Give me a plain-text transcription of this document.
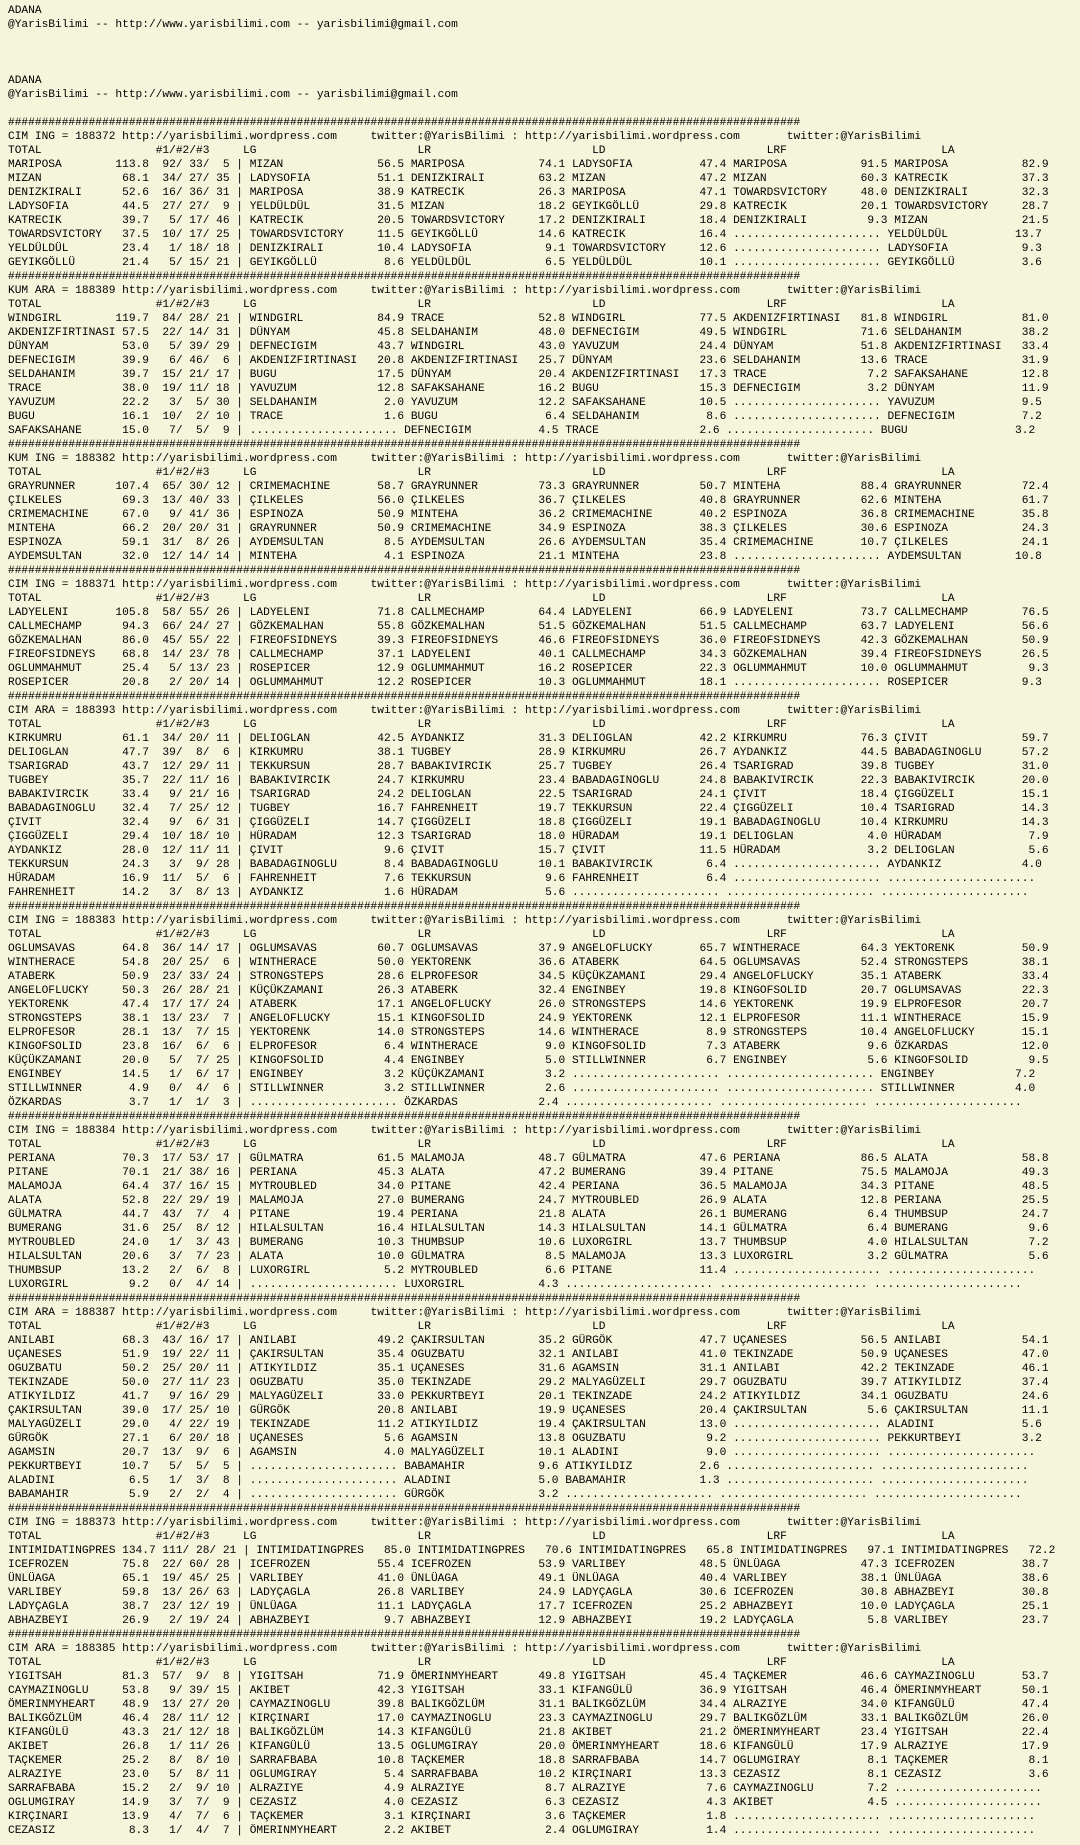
ADANA
@YarisBilimi -- http://www.yarisbilimi.com -- yarisbilimi@gmail.com
ADANA
@YarisBilimi -- http://www.yarisbilimi.com -- yarisbilimi@gmail.com
######################################################################################################################
CIM ING = 188372 http://yarisbilimi.wordpress.com     twitter:@YarisBilimi : http://yarisbilimi.wordpress.com       twitter:@YarisBilimi
TOTAL                 #1/#2/#3     LG                        LR                        LD                        LRF                       LA
MARIPOSA        113.8  92/ 33/  5 | MIZAN              56.5 MARIPOSA           74.1 LADYSOFIA          47.4 MARIPOSA           91.5 MARIPOSA           82.9
MIZAN            68.1  34/ 27/ 35 | LADYSOFIA          51.1 DENIZKIRALI        63.2 MIZAN              47.2 MIZAN              60.3 KATRECIK           37.3
DENIZKIRALI      52.6  16/ 36/ 31 | MARIPOSA           38.9 KATRECIK           26.3 MARIPOSA           47.1 TOWARDSVICTORY     48.0 DENIZKIRALI        32.3
LADYSOFIA        44.5  27/ 27/  9 | YELDÜLDÜL          31.5 MIZAN              18.2 GEYIKGÖLLÜ         29.8 KATRECIK           20.1 TOWARDSVICTORY     28.7
KATRECIK         39.7   5/ 17/ 46 | KATRECIK           20.5 TOWARDSVICTORY     17.2 DENIZKIRALI        18.4 DENIZKIRALI         9.3 MIZAN              21.5
TOWARDSVICTORY   37.5  10/ 17/ 25 | TOWARDSVICTORY     11.5 GEYIKGÖLLÜ         14.6 KATRECIK           16.4 ...................... YELDÜLDÜL          13.7
YELDÜLDÜL        23.4   1/ 18/ 18 | DENIZKIRALI        10.4 LADYSOFIA           9.1 TOWARDSVICTORY     12.6 ...................... LADYSOFIA           9.3
GEYIKGÖLLÜ       21.4   5/ 15/ 21 | GEYIKGÖLLÜ          8.6 YELDÜLDÜL           6.5 YELDÜLDÜL          10.1 ...................... GEYIKGÖLLÜ          3.6
######################################################################################################################
KUM ARA = 188389 http://yarisbilimi.wordpress.com     twitter:@YarisBilimi : http://yarisbilimi.wordpress.com       twitter:@YarisBilimi
TOTAL                 #1/#2/#3     LG                        LR                        LD                        LRF                       LA
WINDGIRL        119.7  84/ 28/ 21 | WINDGIRL           84.9 TRACE              52.8 WINDGIRL           77.5 AKDENIZFIRTINASI   81.8 WINDGIRL           81.0
AKDENIZFIRTINASI 57.5  22/ 14/ 31 | DÜNYAM             45.8 SELDAHANIM         48.0 DEFNECIGIM         49.5 WINDGIRL           71.6 SELDAHANIM         38.2
DÜNYAM           53.0   5/ 39/ 29 | DEFNECIGIM         43.7 WINDGIRL           43.0 YAVUZUM            24.4 DÜNYAM             51.8 AKDENIZFIRTINASI   33.4
DEFNECIGIM       39.9   6/ 46/  6 | AKDENIZFIRTINASI   20.8 AKDENIZFIRTINASI   25.7 DÜNYAM             23.6 SELDAHANIM         13.6 TRACE              31.9
SELDAHANIM       39.7  15/ 21/ 17 | BUGU               17.5 DÜNYAM             20.4 AKDENIZFIRTINASI   17.3 TRACE               7.2 SAFAKSAHANE        12.8
TRACE            38.0  19/ 11/ 18 | YAVUZUM            12.8 SAFAKSAHANE        16.2 BUGU               15.3 DEFNECIGIM          3.2 DÜNYAM             11.9
YAVUZUM          22.2   3/  5/ 30 | SELDAHANIM          2.0 YAVUZUM            12.2 SAFAKSAHANE        10.5 ...................... YAVUZUM             9.5
BUGU             16.1  10/  2/ 10 | TRACE               1.6 BUGU                6.4 SELDAHANIM          8.6 ...................... DEFNECIGIM          7.2
SAFAKSAHANE      15.0   7/  5/  9 | ...................... DEFNECIGIM          4.5 TRACE               2.6 ...................... BUGU                3.2
######################################################################################################################
KUM ING = 188382 http://yarisbilimi.wordpress.com     twitter:@YarisBilimi : http://yarisbilimi.wordpress.com       twitter:@YarisBilimi
TOTAL                 #1/#2/#3     LG                        LR                        LD                        LRF                       LA
GRAYRUNNER      107.4  65/ 30/ 12 | CRIMEMACHINE       58.7 GRAYRUNNER         73.3 GRAYRUNNER         50.7 MINTEHA            88.4 GRAYRUNNER         72.4
ÇILKELES         69.3  13/ 40/ 33 | ÇILKELES           56.0 ÇILKELES           36.7 ÇILKELES           40.8 GRAYRUNNER         62.6 MINTEHA            61.7
CRIMEMACHINE     67.0   9/ 41/ 36 | ESPINOZA           50.9 MINTEHA            36.2 CRIMEMACHINE       40.2 ESPINOZA           36.8 CRIMEMACHINE       35.8
MINTEHA          66.2  20/ 20/ 31 | GRAYRUNNER         50.9 CRIMEMACHINE       34.9 ESPINOZA           38.3 ÇILKELES           30.6 ESPINOZA           24.3
ESPINOZA         59.1  31/  8/ 26 | AYDEMSULTAN         8.5 AYDEMSULTAN        26.6 AYDEMSULTAN        35.4 CRIMEMACHINE       10.7 ÇILKELES           24.1
AYDEMSULTAN      32.0  12/ 14/ 14 | MINTEHA             4.1 ESPINOZA           21.1 MINTEHA            23.8 ...................... AYDEMSULTAN        10.8
######################################################################################################################
CIM ING = 188371 http://yarisbilimi.wordpress.com     twitter:@YarisBilimi : http://yarisbilimi.wordpress.com       twitter:@YarisBilimi
TOTAL                 #1/#2/#3     LG                        LR                        LD                        LRF                       LA
LADYELENI       105.8  58/ 55/ 26 | LADYELENI          71.8 CALLMECHAMP        64.4 LADYELENI          66.9 LADYELENI          73.7 CALLMECHAMP        76.5
CALLMECHAMP      94.3  66/ 24/ 27 | GÖZKEMALHAN        55.8 GÖZKEMALHAN        51.5 GÖZKEMALHAN        51.5 CALLMECHAMP        63.7 LADYELENI          56.6
GÖZKEMALHAN      86.0  45/ 55/ 22 | FIREOFSIDNEYS      39.3 FIREOFSIDNEYS      46.6 FIREOFSIDNEYS      36.0 FIREOFSIDNEYS      42.3 GÖZKEMALHAN        50.9
FIREOFSIDNEYS    68.8  14/ 23/ 78 | CALLMECHAMP        37.1 LADYELENI          40.1 CALLMECHAMP        34.3 GÖZKEMALHAN        39.4 FIREOFSIDNEYS      26.5
OGLUMMAHMUT      25.4   5/ 13/ 23 | ROSEPICER          12.9 OGLUMMAHMUT        16.2 ROSEPICER          22.3 OGLUMMAHMUT        10.0 OGLUMMAHMUT         9.3
ROSEPICER        20.8   2/ 20/ 14 | OGLUMMAHMUT        12.2 ROSEPICER          10.3 OGLUMMAHMUT        18.1 ...................... ROSEPICER           9.3
######################################################################################################################
CIM ARA = 188393 http://yarisbilimi.wordpress.com     twitter:@YarisBilimi : http://yarisbilimi.wordpress.com       twitter:@YarisBilimi
TOTAL                 #1/#2/#3     LG                        LR                        LD                        LRF                       LA
KIRKUMRU         61.1  34/ 20/ 11 | DELIOGLAN          42.5 AYDANKIZ           31.3 DELIOGLAN          42.2 KIRKUMRU           76.3 ÇIVIT              59.7
DELIOGLAN        47.7  39/  8/  6 | KIRKUMRU           38.1 TUGBEY             28.9 KIRKUMRU           26.7 AYDANKIZ           44.5 BABADAGINOGLU      57.2
TSARIGRAD        43.7  12/ 29/ 11 | TEKKURSUN          28.7 BABAKIVIRCIK       25.7 TUGBEY             26.4 TSARIGRAD          39.8 TUGBEY             31.0
TUGBEY           35.7  22/ 11/ 16 | BABAKIVIRCIK       24.7 KIRKUMRU           23.4 BABADAGINOGLU      24.8 BABAKIVIRCIK       22.3 BABAKIVIRCIK       20.0
BABAKIVIRCIK     33.4   9/ 21/ 16 | TSARIGRAD          24.2 DELIOGLAN          22.5 TSARIGRAD          24.1 ÇIVIT              18.4 ÇIGGÜZELI          15.1
BABADAGINOGLU    32.4   7/ 25/ 12 | TUGBEY             16.7 FAHRENHEIT         19.7 TEKKURSUN          22.4 ÇIGGÜZELI          10.4 TSARIGRAD          14.3
ÇIVIT            32.4   9/  6/ 31 | ÇIGGÜZELI          14.7 ÇIGGÜZELI          18.8 ÇIGGÜZELI          19.1 BABADAGINOGLU      10.4 KIRKUMRU           14.3
ÇIGGÜZELI        29.4  10/ 18/ 10 | HÜRADAM            12.3 TSARIGRAD          18.0 HÜRADAM            19.1 DELIOGLAN           4.0 HÜRADAM             7.9
AYDANKIZ         28.0  12/ 11/ 11 | ÇIVIT               9.6 ÇIVIT              15.7 ÇIVIT              11.5 HÜRADAM             3.2 DELIOGLAN           5.6
TEKKURSUN        24.3   3/  9/ 28 | BABADAGINOGLU       8.4 BABADAGINOGLU      10.1 BABAKIVIRCIK        6.4 ...................... AYDANKIZ            4.0
HÜRADAM          16.9  11/  5/  6 | FAHRENHEIT          7.6 TEKKURSUN           9.6 FAHRENHEIT          6.4 ...................... ......................
FAHRENHEIT       14.2   3/  8/ 13 | AYDANKIZ            1.6 HÜRADAM             5.6 ...................... ...................... ......................
######################################################################################################################
CIM ING = 188383 http://yarisbilimi.wordpress.com     twitter:@YarisBilimi : http://yarisbilimi.wordpress.com       twitter:@YarisBilimi
TOTAL                 #1/#2/#3     LG                        LR                        LD                        LRF                       LA
OGLUMSAVAS       64.8  36/ 14/ 17 | OGLUMSAVAS         60.7 OGLUMSAVAS         37.9 ANGELOFLUCKY       65.7 WINTHERACE         64.3 YEKTORENK          50.9
WINTHERACE       54.8  20/ 25/  6 | WINTHERACE         50.0 YEKTORENK          36.6 ATABERK            64.5 OGLUMSAVAS         52.4 STRONGSTEPS        38.1
ATABERK          50.9  23/ 33/ 24 | STRONGSTEPS        28.6 ELPROFESOR         34.5 KÜÇÜKZAMANI        29.4 ANGELOFLUCKY       35.1 ATABERK            33.4
ANGELOFLUCKY     50.3  26/ 28/ 21 | KÜÇÜKZAMANI        26.3 ATABERK            32.4 ENGINBEY           19.8 KINGOFSOLID        20.7 OGLUMSAVAS         22.3
YEKTORENK        47.4  17/ 17/ 24 | ATABERK            17.1 ANGELOFLUCKY       26.0 STRONGSTEPS        14.6 YEKTORENK          19.9 ELPROFESOR         20.7
STRONGSTEPS      38.1  13/ 23/  7 | ANGELOFLUCKY       15.1 KINGOFSOLID        24.9 YEKTORENK          12.1 ELPROFESOR         11.1 WINTHERACE         15.9
ELPROFESOR       28.1  13/  7/ 15 | YEKTORENK          14.0 STRONGSTEPS        14.6 WINTHERACE          8.9 STRONGSTEPS        10.4 ANGELOFLUCKY       15.1
KINGOFSOLID      23.8  16/  6/  6 | ELPROFESOR          6.4 WINTHERACE          9.0 KINGOFSOLID         7.3 ATABERK             9.6 ÖZKARDAS           12.0
KÜÇÜKZAMANI      20.0   5/  7/ 25 | KINGOFSOLID         4.4 ENGINBEY            5.0 STILLWINNER         6.7 ENGINBEY            5.6 KINGOFSOLID         9.5
ENGINBEY         14.5   1/  6/ 17 | ENGINBEY            3.2 KÜÇÜKZAMANI         3.2 ...................... ...................... ENGINBEY            7.2
STILLWINNER       4.9   0/  4/  6 | STILLWINNER         3.2 STILLWINNER         2.6 ...................... ...................... STILLWINNER         4.0
ÖZKARDAS          3.7   1/  1/  3 | ...................... ÖZKARDAS            2.4 ...................... ...................... ......................
######################################################################################################################
CIM ING = 188384 http://yarisbilimi.wordpress.com     twitter:@YarisBilimi : http://yarisbilimi.wordpress.com       twitter:@YarisBilimi
TOTAL                 #1/#2/#3     LG                        LR                        LD                        LRF                       LA
PERIANA          70.3  17/ 53/ 17 | GÜLMATRA           61.5 MALAMOJA           48.7 GÜLMATRA           47.6 PERIANA            86.5 ALATA              58.8
PITANE           70.1  21/ 38/ 16 | PERIANA            45.3 ALATA              47.2 BUMERANG           39.4 PITANE             75.5 MALAMOJA           49.3
MALAMOJA         64.4  37/ 16/ 15 | MYTROUBLED         34.0 PITANE             42.4 PERIANA            36.5 MALAMOJA           34.3 PITANE             48.5
ALATA            52.8  22/ 29/ 19 | MALAMOJA           27.0 BUMERANG           24.7 MYTROUBLED         26.9 ALATA              12.8 PERIANA            25.5
GÜLMATRA         44.7  43/  7/  4 | PITANE             19.4 PERIANA            21.8 ALATA              26.1 BUMERANG            6.4 THUMBSUP           24.7
BUMERANG         31.6  25/  8/ 12 | HILALSULTAN        16.4 HILALSULTAN        14.3 HILALSULTAN        14.1 GÜLMATRA            6.4 BUMERANG            9.6
MYTROUBLED       24.0   1/  3/ 43 | BUMERANG           10.3 THUMBSUP           10.6 LUXORGIRL          13.7 THUMBSUP            4.0 HILALSULTAN         7.2
HILALSULTAN      20.6   3/  7/ 23 | ALATA              10.0 GÜLMATRA            8.5 MALAMOJA           13.3 LUXORGIRL           3.2 GÜLMATRA            5.6
THUMBSUP         13.2   2/  6/  8 | LUXORGIRL           5.2 MYTROUBLED          6.6 PITANE             11.4 ...................... ......................
LUXORGIRL         9.2   0/  4/ 14 | ...................... LUXORGIRL           4.3 ...................... ...................... ......................
######################################################################################################################
CIM ARA = 188387 http://yarisbilimi.wordpress.com     twitter:@YarisBilimi : http://yarisbilimi.wordpress.com       twitter:@YarisBilimi
TOTAL                 #1/#2/#3     LG                        LR                        LD                        LRF                       LA
ANILABI          68.3  43/ 16/ 17 | ANILABI            49.2 ÇAKIRSULTAN        35.2 GÜRGÖK             47.7 UÇANESES           56.5 ANILABI            54.1
UÇANESES         51.9  19/ 22/ 11 | ÇAKIRSULTAN        35.4 OGUZBATU           32.1 ANILABI            41.0 TEKINZADE          50.9 UÇANESES           47.0
OGUZBATU         50.2  25/ 20/ 11 | ATIKYILDIZ         35.1 UÇANESES           31.6 AGAMSIN            31.1 ANILABI            42.2 TEKINZADE          46.1
TEKINZADE        50.0  27/ 11/ 23 | OGUZBATU           35.0 TEKINZADE          29.2 MALYAGÜZELI        29.7 OGUZBATU           39.7 ATIKYILDIZ         37.4
ATIKYILDIZ       41.7   9/ 16/ 29 | MALYAGÜZELI        33.0 PEKKURTBEYI        20.1 TEKINZADE          24.2 ATIKYILDIZ         34.1 OGUZBATU           24.6
ÇAKIRSULTAN      39.0  17/ 25/ 10 | GÜRGÖK             20.8 ANILABI            19.9 UÇANESES           20.4 ÇAKIRSULTAN         5.6 ÇAKIRSULTAN        11.1
MALYAGÜZELI      29.0   4/ 22/ 19 | TEKINZADE          11.2 ATIKYILDIZ         19.4 ÇAKIRSULTAN        13.0 ...................... ALADINI             5.6
GÜRGÖK           27.1   6/ 20/ 18 | UÇANESES            5.6 AGAMSIN            13.8 OGUZBATU            9.2 ...................... PEKKURTBEYI         3.2
AGAMSIN          20.7  13/  9/  6 | AGAMSIN             4.0 MALYAGÜZELI        10.1 ALADINI             9.0 ...................... ......................
PEKKURTBEYI      10.7   5/  5/  5 | ...................... BABAMAHIR           9.6 ATIKYILDIZ          2.6 ...................... ......................
ALADINI           6.5   1/  3/  8 | ...................... ALADINI             5.0 BABAMAHIR           1.3 ...................... ......................
BABAMAHIR         5.9   2/  2/  4 | ...................... GÜRGÖK              3.2 ...................... ...................... ......................
######################################################################################################################
CIM ING = 188373 http://yarisbilimi.wordpress.com     twitter:@YarisBilimi : http://yarisbilimi.wordpress.com       twitter:@YarisBilimi
TOTAL                 #1/#2/#3     LG                        LR                        LD                        LRF                       LA
INTIMIDATINGPRES 134.7 111/ 28/ 21 | INTIMIDATINGPRES   85.0 INTIMIDATINGPRES   70.6 INTIMIDATINGPRES   65.8 INTIMIDATINGPRES   97.1 INTIMIDATINGPRES   72.2
ICEFROZEN        75.8  22/ 60/ 28 | ICEFROZEN          55.4 ICEFROZEN          53.9 VARLIBEY           48.5 ÜNLÜAGA            47.3 ICEFROZEN          38.7
ÜNLÜAGA          65.1  19/ 45/ 25 | VARLIBEY           41.0 ÜNLÜAGA            49.1 ÜNLÜAGA            40.4 VARLIBEY           38.1 ÜNLÜAGA            38.6
VARLIBEY         59.8  13/ 26/ 63 | LADYÇAGLA          26.8 VARLIBEY           24.9 LADYÇAGLA          30.6 ICEFROZEN          30.8 ABHAZBEYI          30.8
LADYÇAGLA        38.7  23/ 12/ 19 | ÜNLÜAGA            11.1 LADYÇAGLA          17.7 ICEFROZEN          25.2 ABHAZBEYI          10.0 LADYÇAGLA          25.1
ABHAZBEYI        26.9   2/ 19/ 24 | ABHAZBEYI           9.7 ABHAZBEYI          12.9 ABHAZBEYI          19.2 LADYÇAGLA           5.8 VARLIBEY           23.7
######################################################################################################################
CIM ARA = 188385 http://yarisbilimi.wordpress.com     twitter:@YarisBilimi : http://yarisbilimi.wordpress.com       twitter:@YarisBilimi
TOTAL                 #1/#2/#3     LG                        LR                        LD                        LRF                       LA
YIGITSAH         81.3  57/  9/  8 | YIGITSAH           71.9 ÖMERINMYHEART      49.8 YIGITSAH           45.4 TAÇKEMER           46.6 CAYMAZINOGLU       53.7
CAYMAZINOGLU     53.8   9/ 39/ 15 | AKIBET             42.3 YIGITSAH           33.1 KIFANGÜLÜ          36.9 YIGITSAH           46.4 ÖMERINMYHEART      50.1
ÖMERINMYHEART    48.9  13/ 27/ 20 | CAYMAZINOGLU       39.8 BALIKGÖZLÜM        31.1 BALIKGÖZLÜM        34.4 ALRAZIYE           34.0 KIFANGÜLÜ          47.4
BALIKGÖZLÜM      46.4  28/ 11/ 12 | KIRÇINARI          17.0 CAYMAZINOGLU       23.3 CAYMAZINOGLU       29.7 BALIKGÖZLÜM        33.1 BALIKGÖZLÜM        26.0
KIFANGÜLÜ        43.3  21/ 12/ 18 | BALIKGÖZLÜM        14.3 KIFANGÜLÜ          21.8 AKIBET             21.2 ÖMERINMYHEART      23.4 YIGITSAH           22.4
AKIBET           26.8   1/ 11/ 26 | KIFANGÜLÜ          13.5 OGLUMGIRAY         20.0 ÖMERINMYHEART      18.6 KIFANGÜLÜ          17.9 ALRAZIYE           17.9
TAÇKEMER         25.2   8/  8/ 10 | SARRAFBABA         10.8 TAÇKEMER           18.8 SARRAFBABA         14.7 OGLUMGIRAY          8.1 TAÇKEMER            8.1
ALRAZIYE         23.0   5/  8/ 11 | OGLUMGIRAY          5.4 SARRAFBABA         10.2 KIRÇINARI          13.3 CEZASIZ             8.1 CEZASIZ             3.6
SARRAFBABA       15.2   2/  9/ 10 | ALRAZIYE            4.9 ALRAZIYE            8.7 ALRAZIYE            7.6 CAYMAZINOGLU        7.2 ......................
OGLUMGIRAY       14.9   3/  7/  9 | CEZASIZ             4.0 CEZASIZ             6.3 CEZASIZ             4.3 AKIBET              4.5 ......................
KIRÇINARI        13.9   4/  7/  6 | TAÇKEMER            3.1 KIRÇINARI           3.6 TAÇKEMER            1.8 ...................... ......................
CEZASIZ           8.3   1/  4/  7 | ÖMERINMYHEART       2.2 AKIBET              2.4 OGLUMGIRAY          1.4 ...................... ......................
